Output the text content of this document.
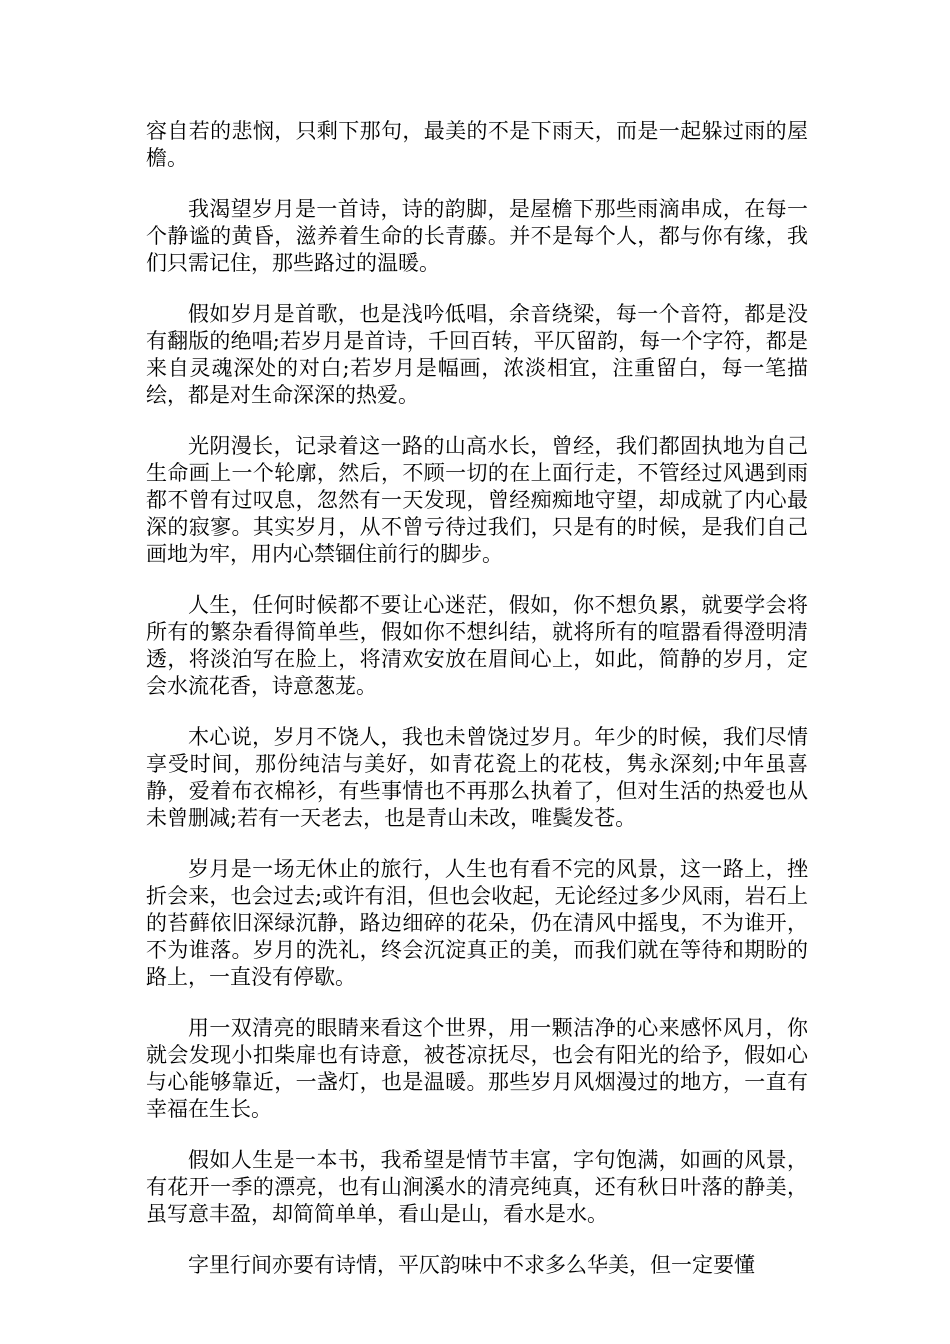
容自若的悲悯，只剩下那句，最美的不是下雨天，而是一起躲过雨的屋檐。

我渴望岁月是一首诗，诗的韵脚，是屋檐下那些雨滴串成，在每一个静谧的黄昏，滋养着生命的长青藤。并不是每个人，都与你有缘，我们只需记住，那些路过的温暖。

假如岁月是首歌，也是浅吟低唱，余音绕梁，每一个音符，都是没有翻版的绝唱;若岁月是首诗，千回百转，平仄留韵，每一个字符，都是来自灵魂深处的对白;若岁月是幅画，浓淡相宜，注重留白，每一笔描绘，都是对生命深深的热爱。

光阴漫长，记录着这一路的山高水长，曾经，我们都固执地为自己生命画上一个轮廓，然后，不顾一切的在上面行走，不管经过风遇到雨都不曾有过叹息，忽然有一天发现，曾经痴痴地守望，却成就了内心最深的寂寥。其实岁月，从不曾亏待过我们，只是有的时候，是我们自己画地为牢，用内心禁锢住前行的脚步。

人生，任何时候都不要让心迷茫，假如，你不想负累，就要学会将所有的繁杂看得简单些，假如你不想纠结，就将所有的喧嚣看得澄明清透，将淡泊写在脸上，将清欢安放在眉间心上，如此，简静的岁月，定会水流花香，诗意葱茏。

木心说，岁月不饶人，我也未曾饶过岁月。年少的时候，我们尽情享受时间，那份纯洁与美好，如青花瓷上的花枝，隽永深刻;中年虽喜静，爱着布衣棉衫，有些事情也不再那么执着了，但对生活的热爱也从未曾删减;若有一天老去，也是青山未改，唯鬓发苍。

岁月是一场无休止的旅行，人生也有看不完的风景，这一路上，挫折会来，也会过去;或许有泪，但也会收起，无论经过多少风雨，岩石上的苔藓依旧深绿沉静，路边细碎的花朵，仍在清风中摇曳，不为谁开，不为谁落。岁月的洗礼，终会沉淀真正的美，而我们就在等待和期盼的路上，一直没有停歇。

用一双清亮的眼睛来看这个世界，用一颗洁净的心来感怀风月，你就会发现小扣柴扉也有诗意，被苍凉抚尽，也会有阳光的给予，假如心与心能够靠近，一盏灯，也是温暖。那些岁月风烟漫过的地方，一直有幸福在生长。

假如人生是一本书，我希望是情节丰富，字句饱满，如画的风景，有花开一季的漂亮，也有山涧溪水的清亮纯真，还有秋日叶落的静美，虽写意丰盈，却简简单单，看山是山，看水是水。

字里行间亦要有诗情，平仄韵味中不求多么华美，但一定要懂
